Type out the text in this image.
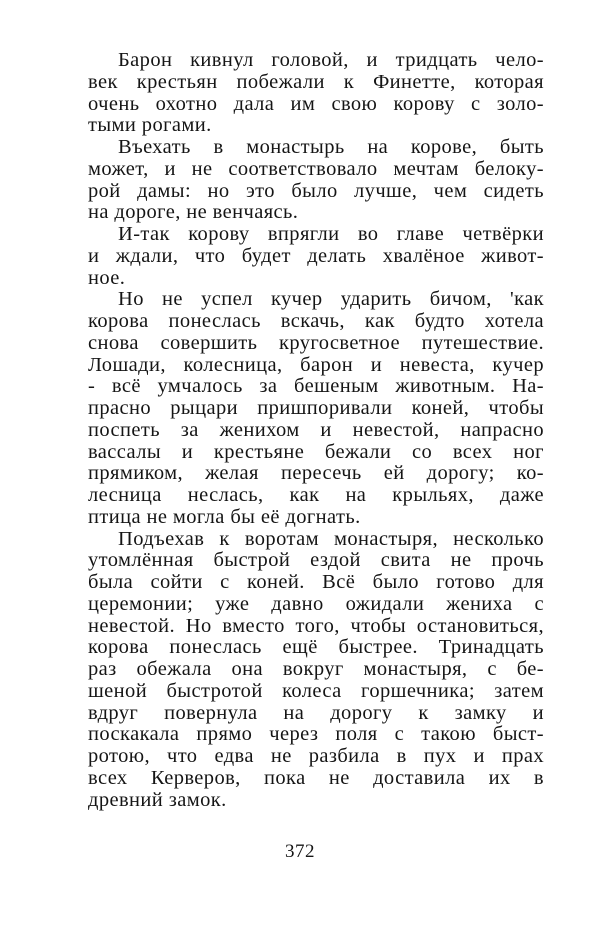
Барон кивнул головой, и тридцать чело-
век крестьян побежали к Финетте, которая
очень охотно дала им свою корову с золо-
тыми рогами.
Въехать в монастырь на корове, быть
может, и не соответствовало мечтам белоку-
рой дамы: но это было лучше, чем сидеть
на дороге, не венчаясь.
И-так корову впрягли во главе четвёрки
и ждали, что будет делать хвалёное живот-
ное.
Но не успел кучер ударить бичом, 'как
корова понеслась вскачь, как будто хотела
снова совершить кругосветное путешествие.
Лошади, колесница, барон и невеста, кучер
- всё умчалось за бешеным животным. На-
прасно рыцари пришпоривали коней, чтобы
поспеть за женихом и невестой, напрасно
вассалы и крестьяне бежали со всех ног
прямиком, желая пересечь ей дорогу; ко-
лесница неслась, как на крыльях, даже
птица не могла бы её догнать.
Подъехав к воротам монастыря, несколько
утомлённая быстрой ездой свита не прочь
была сойти с коней. Всё было готово для
церемонии; уже давно ожидали жениха с
невестой. Но вместо того, чтобы остановиться,
корова понеслась ещё быстрее. Тринадцать
раз обежала она вокруг монастыря, с бе-
шеной быстротой колеса горшечника; затем
вдруг повернула на дорогу к замку и
поскакала прямо через поля с такою быст-
ротою, что едва не разбила в пух и прах
всех Керверов, пока не доставила их в
древний замок.
372
